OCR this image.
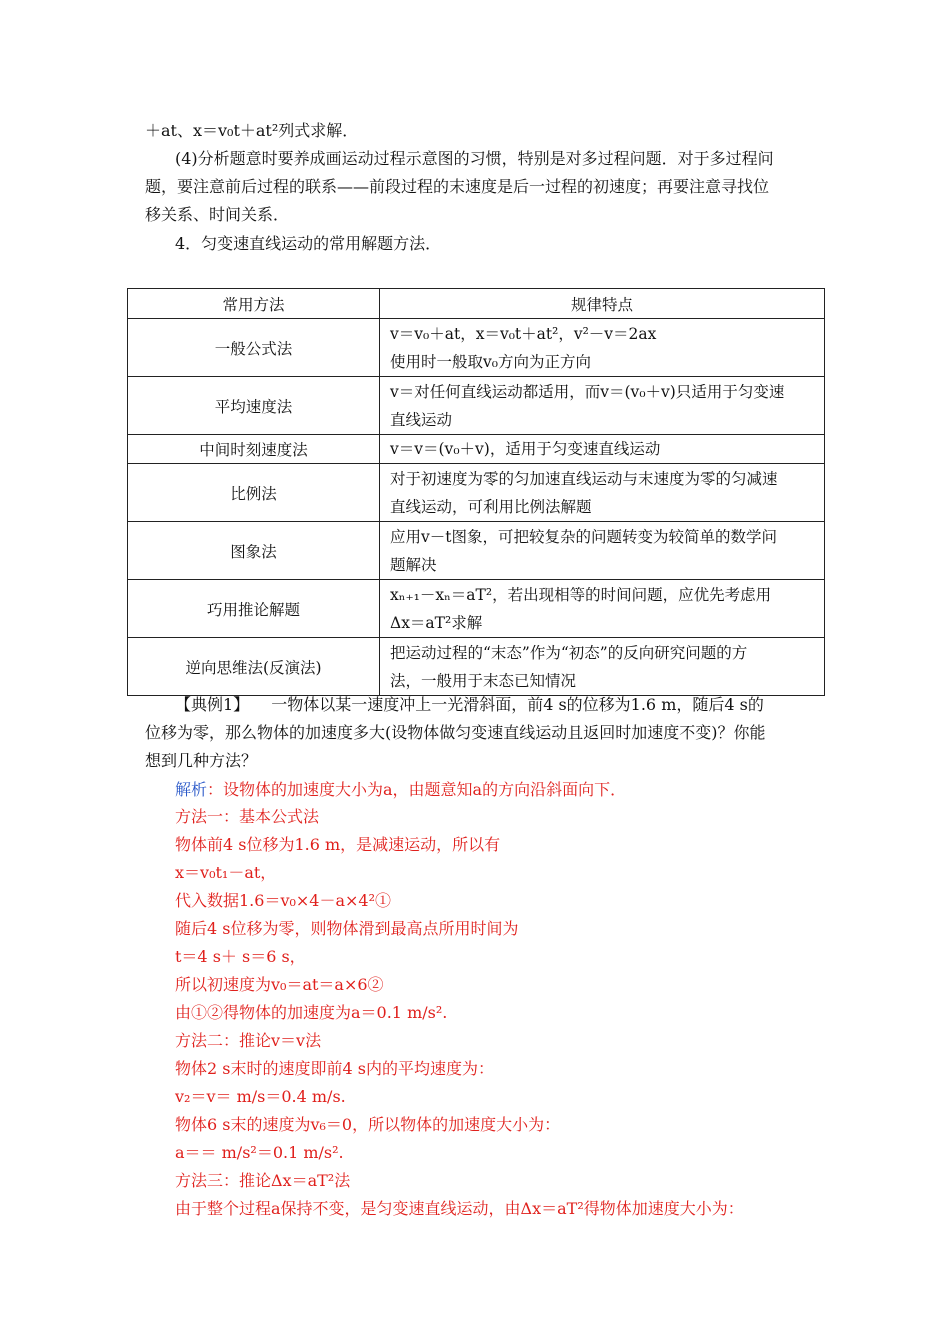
＋at、x＝v₀t＋at²列式求解．
(4)分析题意时要养成画运动过程示意图的习惯，特别是对多过程问题．对于多过程问
题，要注意前后过程的联系——前段过程的末速度是后一过程的初速度；再要注意寻找位
移关系、时间关系．
4．匀变速直线运动的常用解题方法．
常用方法	规律特点
一般公式法	v＝v₀＋at，x＝v₀t＋at²，v²－v＝2ax
使用时一般取v₀方向为正方向

平均速度法	v＝对任何直线运动都适用，而v＝(v₀＋v)只适用于匀变速
直线运动

中间时刻速度法	v＝v＝(v₀＋v)，适用于匀变速直线运动

比例法	对于初速度为零的匀加速直线运动与末速度为零的匀减速
直线运动，可利用比例法解题

图象法	应用v－t图象，可把较复杂的问题转变为较简单的数学问
题解决

巧用推论解题	xₙ₊₁－xₙ＝aT²，若出现相等的时间问题，应优先考虑用
Δx＝aT²求解

逆向思维法(反演法)	把运动过程的“末态”作为“初态”的反向研究问题的方
法，一般用于末态已知情况
【典例1】 一物体以某一速度冲上一光滑斜面，前4 s的位移为1.6 m，随后4 s的
位移为零，那么物体的加速度多大(设物体做匀变速直线运动且返回时加速度不变)？你能
想到几种方法？
解析：设物体的加速度大小为a，由题意知a的方向沿斜面向下．
方法一：基本公式法
物体前4 s位移为1.6 m，是减速运动，所以有
x＝v₀t₁－at，
代入数据1.6＝v₀×4－a×4²①
随后4 s位移为零，则物体滑到最高点所用时间为
t＝4 s＋ s＝6 s，
所以初速度为v₀＝at＝a×6②
由①②得物体的加速度为a＝0.1 m/s².
方法二：推论v＝v法
物体2 s末时的速度即前4 s内的平均速度为：
v₂＝v＝ m/s＝0.4 m/s.
物体6 s末的速度为v₆＝0，所以物体的加速度大小为：
a＝＝ m/s²＝0.1 m/s².
方法三：推论Δx＝aT²法
由于整个过程a保持不变，是匀变速直线运动，由Δx＝aT²得物体加速度大小为：
